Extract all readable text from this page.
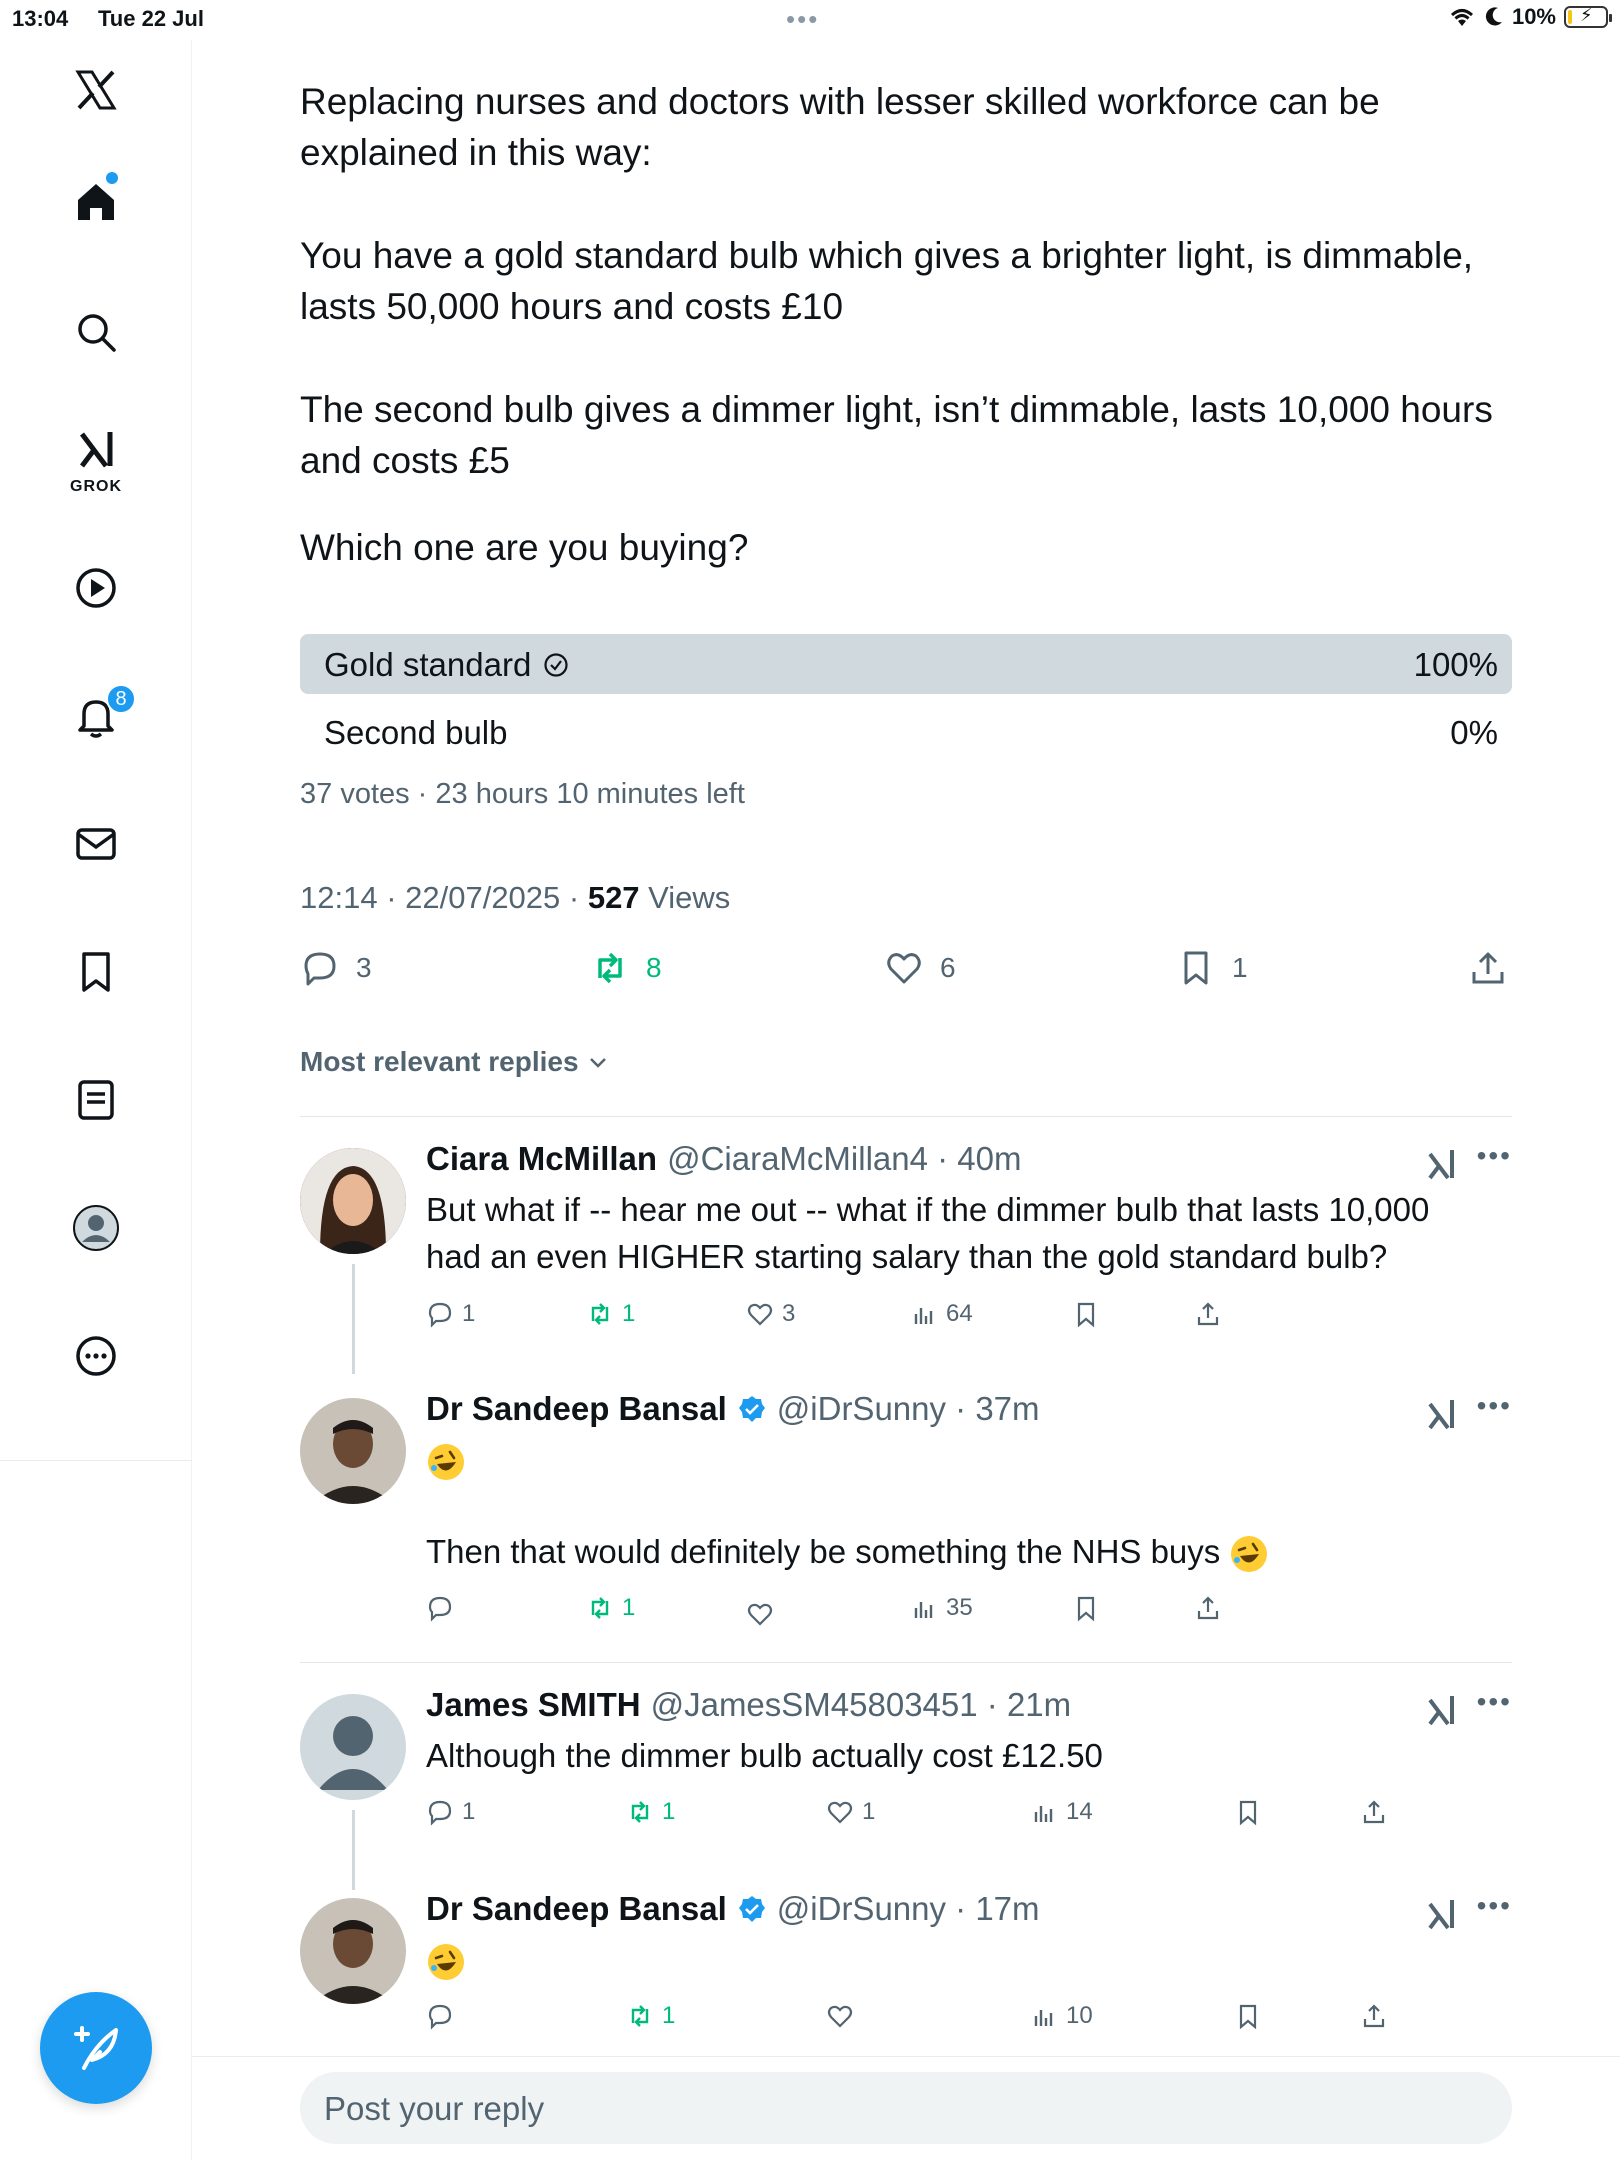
13:04 Tue 22 Jul	•••	10% ⚡
GROK
8

Replacing nurses and doctors with lesser skilled workforce can be explained in this way:

You have a gold standard bulb which gives a brighter light, is dimmable, lasts 50,000 hours and costs £10

The second bulb gives a dimmer light, isn’t dimmable, lasts 10,000 hours and costs £5

Which one are you buying?

Gold standard	100%
Second bulb	0%
37 votes · 23 hours 10 minutes left
12:14 · 22/07/2025 · 527 Views
3	8	6	1
Most relevant replies
Ciara McMillan @CiaraMcMillan4 · 40m	•••
But what if -- hear me out -- what if the dimmer bulb that lasts 10,000 had an even HIGHER starting salary than the gold standard bulb?
1	1	3	64
Dr Sandeep Bansal @iDrSunny · 37m	•••
Then that would definitely be something the NHS buys
1	35
James SMITH @JamesSM45803451 · 21m	•••
Although the dimmer bulb actually cost £12.50
1	1	1	14
Dr Sandeep Bansal @iDrSunny · 17m	•••
1	10
Post your reply
